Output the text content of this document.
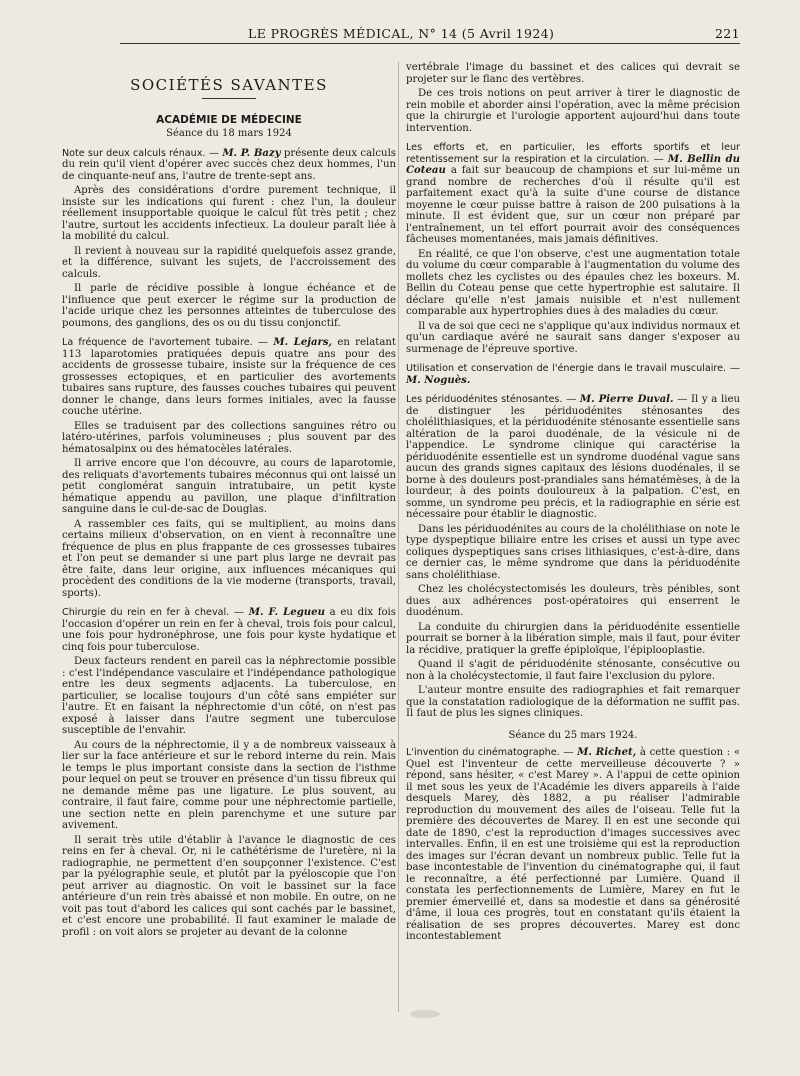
LE PROGRÈS MÉDICAL, N° 14 (5 Avril 1924)	221
SOCIÉTÉS SAVANTES
ACADÉMIE DE MÉDECINE
Séance du 18 mars 1924

Note sur deux calculs rénaux. — M. P. Bazy présente deux calculs du rein qu'il vient d'opérer avec succès chez deux hommes, l'un de cinquante-neuf ans, l'autre de trente-sept ans.

Après des considérations d'ordre purement technique, il insiste sur les indications qui furent : chez l'un, la douleur réellement insupportable quoique le calcul fût très petit ; chez l'autre, surtout les accidents infectieux. La douleur paraît liée à la mobilité du calcul.

Il revient à nouveau sur la rapidité quelquefois assez grande, et la différence, suivant les sujets, de l'accroissement des calculs.

Il parle de récidive possible à longue échéance et de l'influence que peut exercer le régime sur la production de l'acide urique chez les personnes atteintes de tuberculose des poumons, des ganglions, des os ou du tissu conjonctif.

La fréquence de l'avortement tubaire. — M. Lejars, en relatant 113 laparotomies pratiquées depuis quatre ans pour des accidents de grossesse tubaire, insiste sur la fréquence de ces grossesses ectopiques, et en particulier des avortements tubaires sans rupture, des fausses couches tubaires qui peuvent donner le change, dans leurs formes initiales, avec la fausse couche utérine.

Elles se traduisent par des collections sanguines rétro ou latéro-utérines, parfois volumineuses ; plus souvent par des hématosalpinx ou des hématocèles latérales.

Il arrive encore que l'on découvre, au cours de laparotomie, des reliquats d'avortements tubaires méconnus qui ont laissé un petit conglomérat sanguin intratubaire, un petit kyste hématique appendu au pavillon, une plaque d'infiltration sanguine dans le cul-de-sac de Douglas.

A rassembler ces faits, qui se multiplient, au moins dans certains milieux d'observation, on en vient à reconnaître une fréquence de plus en plus frappante de ces grossesses tubaires et l'on peut se demander si une part plus large ne devrait pas être faite, dans leur origine, aux influences mécaniques qui procèdent des conditions de la vie moderne (transports, travail, sports).

Chirurgie du rein en fer à cheval. — M. F. Legueu a eu dix fois l'occasion d'opérer un rein en fer à cheval, trois fois pour calcul, une fois pour hydronéphrose, une fois pour kyste hydatique et cinq fois pour tuberculose.

Deux facteurs rendent en pareil cas la néphrectomie possible : c'est l'indépendance vasculaire et l'indépendance pathologique entre les deux segments adjacents. La tuberculose, en particulier, se localise toujours d'un côté sans empiéter sur l'autre. Et en faisant la néphrectomie d'un côté, on n'est pas exposé à laisser dans l'autre segment une tuberculose susceptible de l'envahir.

Au cours de la néphrectomie, il y a de nombreux vaisseaux à lier sur la face antérieure et sur le rebord interne du rein. Mais le temps le plus important consiste dans la section de l'isthme pour lequel on peut se trouver en présence d'un tissu fibreux qui ne demande même pas une ligature. Le plus souvent, au contraire, il faut faire, comme pour une néphrectomie partielle, une section nette en plein parenchyme et une suture par avivement.

Il serait très utile d'établir à l'avance le diagnostic de ces reins en fer à cheval. Or, ni le cathétérisme de l'uretère, ni la radiographie, ne permettent d'en soupçonner l'existence. C'est par la pyélographie seule, et plutôt par la pyéloscopie que l'on peut arriver au diagnostic. On voit le bassinet sur la face antérieure d'un rein très abaissé et non mobile. En outre, on ne voit pas tout d'abord les calices qui sont cachés par le bassinet, et c'est encore une probabilité. Il faut examiner le malade de profil : on voit alors se projeter au devant de la colonne

vertébrale l'image du bassinet et des calices qui devrait se projeter sur le flanc des vertèbres.

De ces trois notions on peut arriver à tirer le diagnostic de rein mobile et aborder ainsi l'opération, avec la même précision que la chirurgie et l'urologie apportent aujourd'hui dans toute intervention.

Les efforts et, en particulier, les efforts sportifs et leur retentissement sur la respiration et la circulation. — M. Bellin du Coteau a fait sur beaucoup de champions et sur lui-même un grand nombre de recherches d'où il résulte qu'il est parfaitement exact qu'à la suite d'une course de distance moyenne le cœur puisse battre à raison de 200 pulsations à la minute. Il est évident que, sur un cœur non préparé par l'entraînement, un tel effort pourrait avoir des conséquences fâcheuses momentanées, mais jamais définitives.

En réalité, ce que l'on observe, c'est une augmentation totale du volume du cœur comparable à l'augmentation du volume des mollets chez les cyclistes ou des épaules chez les boxeurs. M. Bellin du Coteau pense que cette hypertrophie est salutaire. Il déclare qu'elle n'est jamais nuisible et n'est nullement comparable aux hypertrophies dues à des maladies du cœur.

Il va de soi que ceci ne s'applique qu'aux individus normaux et qu'un cardiaque avéré ne saurait sans danger s'exposer au surmenage de l'épreuve sportive.

Utilisation et conservation de l'énergie dans le travail musculaire. — M. Noguès.

Les périduodénites sténosantes. — M. Pierre Duval. — Il y a lieu de distinguer les périduodénites sténosantes des cholélithiasiques, et la périduodénite sténosante essentielle sans altération de la paroi duodénale, de la vésicule ni de l'appendice. Le syndrome clinique qui caractérise la périduodénite essentielle est un syndrome duodénal vague sans aucun des grands signes capitaux des lésions duodénales, il se borne à des douleurs post-prandiales sans hématémèses, à de la lourdeur, à des points douloureux à la palpation. C'est, en somme, un syndrome peu précis, et la radiographie en série est nécessaire pour établir le diagnostic.

Dans les périduodénites au cours de la cholélithiase on note le type dyspeptique biliaire entre les crises et aussi un type avec coliques dyspeptiques sans crises lithiasiques, c'est-à-dire, dans ce dernier cas, le même syndrome que dans la périduodénite sans cholélithiase.

Chez les cholécystectomisés les douleurs, très pénibles, sont dues aux adhérences post-opératoires qui enserrent le duodénum.

La conduite du chirurgien dans la périduodénite essentielle pourrait se borner à la libération simple, mais il faut, pour éviter la récidive, pratiquer la greffe épiploïque, l'épiplooplastie.

Quand il s'agit de périduodénite sténosante, consécutive ou non à la cholécystectomie, il faut faire l'exclusion du pylore.

L'auteur montre ensuite des radiographies et fait remarquer que la constatation radiologique de la déformation ne suffit pas. Il faut de plus les signes cliniques.

Séance du 25 mars 1924.

L'invention du cinématographe. — M. Richet, à cette question : « Quel est l'inventeur de cette merveilleuse découverte ? » répond, sans hésiter, « c'est Marey ». A l'appui de cette opinion il met sous les yeux de l'Académie les divers appareils à l'aide desquels Marey, dès 1882, a pu réaliser l'admirable reproduction du mouvement des ailes de l'oiseau. Telle fut la première des découvertes de Marey. Il en est une seconde qui date de 1890, c'est la reproduction d'images successives avec intervalles. Enfin, il en est une troisième qui est la reproduction des images sur l'écran devant un nombreux public. Telle fut la base incontestable de l'invention du cinématographe qui, il faut le reconnaître, a été perfectionné par Lumière. Quand il constata les perfectionnements de Lumière, Marey en fut le premier émerveillé et, dans sa modestie et dans sa générosité d'âme, il loua ces progrès, tout en constatant qu'ils étaient la réalisation de ses propres découvertes. Marey est donc incontestablement
